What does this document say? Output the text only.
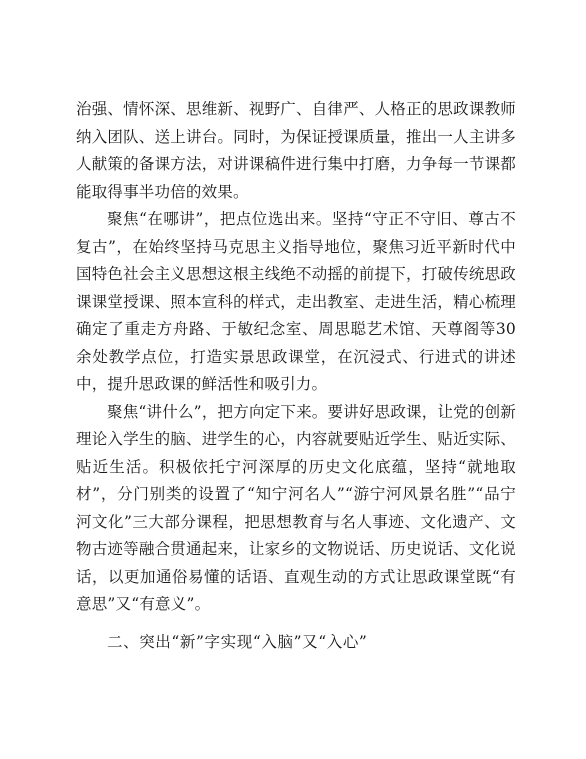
治强、情怀深、思维新、视野广、自律严、人格正的思政课教师纳入团队、送上讲台。同时，为保证授课质量，推出一人主讲多人献策的备课方法，对讲课稿件进行集中打磨，力争每一节课都能取得事半功倍的效果。

聚焦“在哪讲”，把点位选出来。坚持“守正不守旧、尊古不复古”，在始终坚持马克思主义指导地位，聚焦习近平新时代中国特色社会主义思想这根主线绝不动摇的前提下，打破传统思政课课堂授课、照本宣科的样式，走出教室、走进生活，精心梳理确定了重走方舟路、于敏纪念室、周思聪艺术馆、天尊阁等30余处教学点位，打造实景思政课堂，在沉浸式、行进式的讲述中，提升思政课的鲜活性和吸引力。

聚焦“讲什么”，把方向定下来。要讲好思政课，让党的创新理论入学生的脑、进学生的心，内容就要贴近学生、贴近实际、贴近生活。积极依托宁河深厚的历史文化底蕴，坚持“就地取材”，分门别类的设置了“知宁河名人”“游宁河风景名胜”“品宁河文化”三大部分课程，把思想教育与名人事迹、文化遗产、文物古迹等融合贯通起来，让家乡的文物说话、历史说话、文化说话，以更加通俗易懂的话语、直观生动的方式让思政课堂既“有意思”又“有意义”。

二、突出“新”字实现“入脑”又“入心”
